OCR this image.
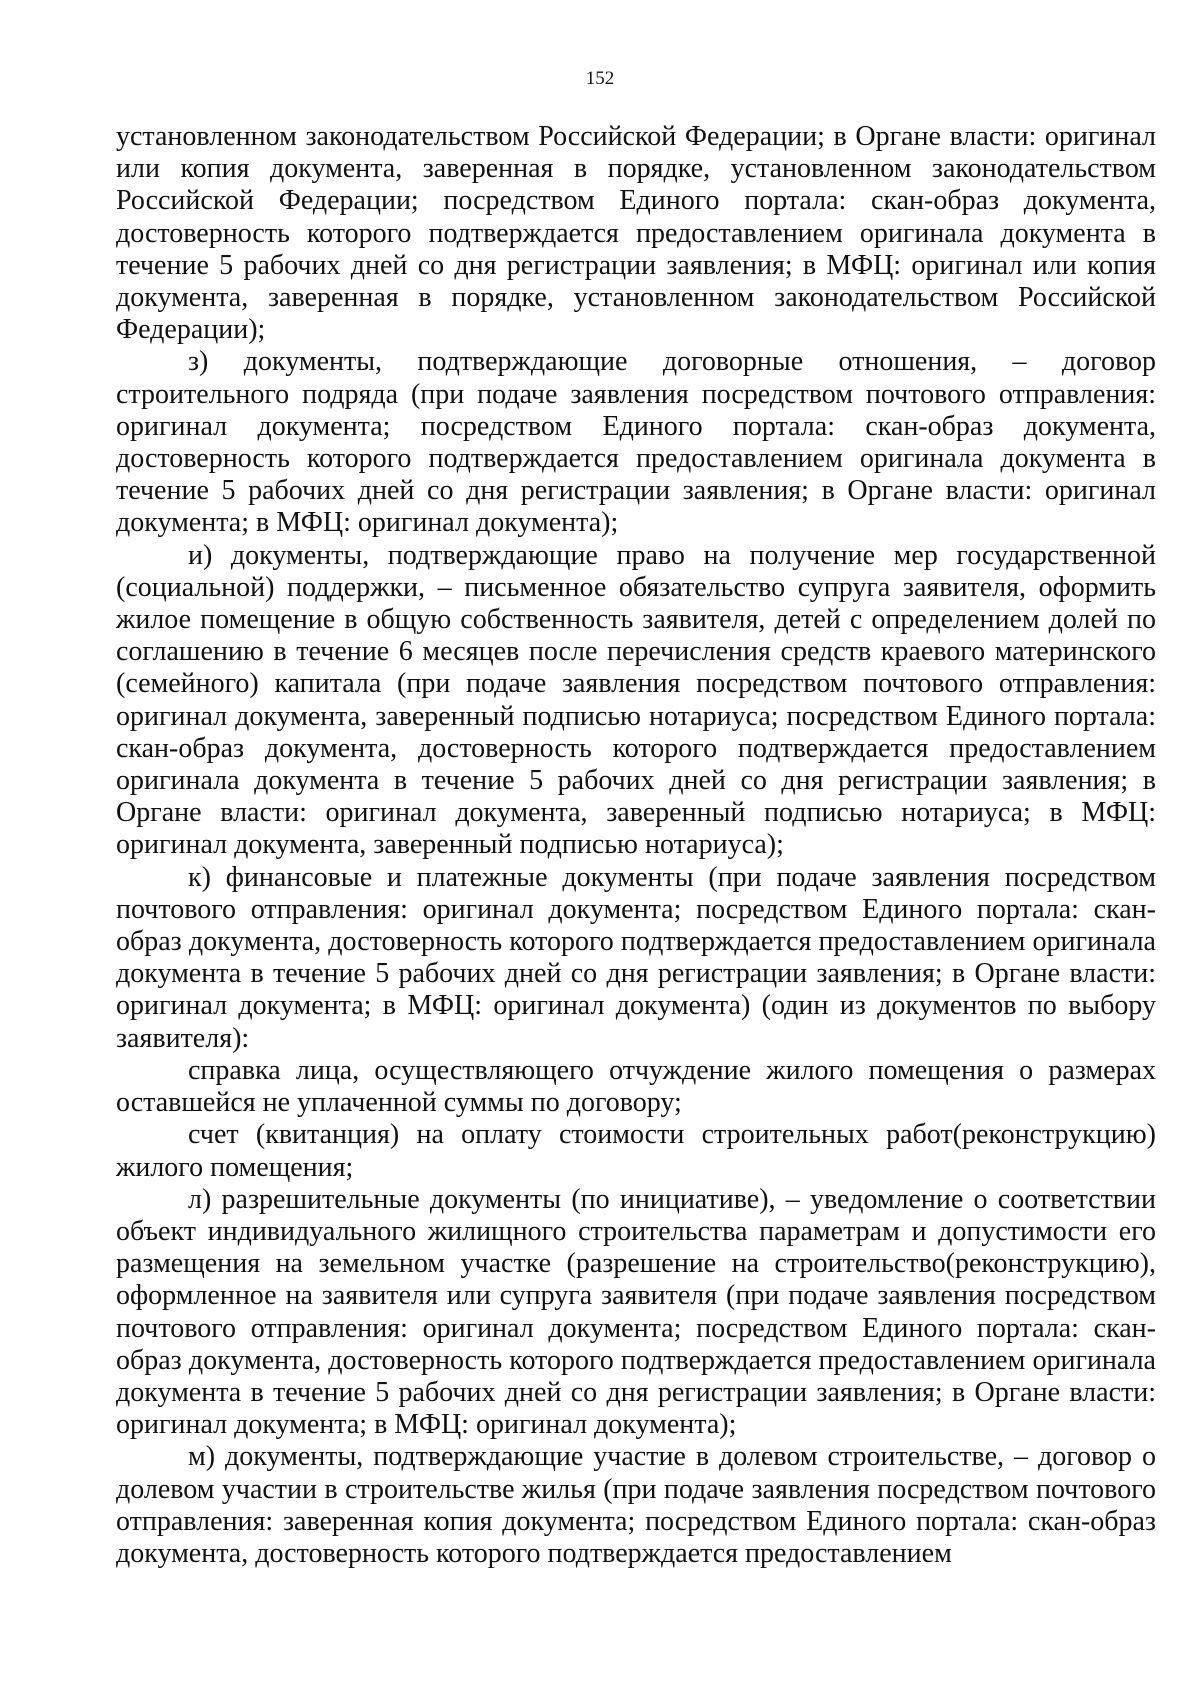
152

установленном законодательством Российской Федерации; в Органе власти: оригинал или копия документа, заверенная в порядке, установленном законодательством Российской Федерации; посредством Единого портала: скан-образ документа, достоверность которого подтверждается предоставлением оригинала документа в течение 5 рабочих дней со дня регистрации заявления; в МФЦ: оригинал или копия документа, заверенная в порядке, установленном законодательством Российской Федерации);

з) документы, подтверждающие договорные отношения, – договор строительного подряда (при подаче заявления посредством почтового отправления: оригинал документа; посредством Единого портала: скан-образ документа, достоверность которого подтверждается предоставлением оригинала документа в течение 5 рабочих дней со дня регистрации заявления; в Органе власти: оригинал документа; в МФЦ: оригинал документа);

и) документы, подтверждающие право на получение мер государственной (социальной) поддержки, – письменное обязательство супруга заявителя, оформить жилое помещение в общую собственность заявителя, детей с определением долей по соглашению в течение 6 месяцев после перечисления средств краевого материнского (семейного) капитала (при подаче заявления посредством почтового отправления: оригинал документа, заверенный подписью нотариуса; посредством Единого портала: скан-образ документа, достоверность которого подтверждается предоставлением оригинала документа в течение 5 рабочих дней со дня регистрации заявления; в Органе власти: оригинал документа, заверенный подписью нотариуса; в МФЦ: оригинал документа, заверенный подписью нотариуса);

к) финансовые и платежные документы (при подаче заявления посредством почтового отправления: оригинал документа; посредством Единого портала: скан-образ документа, достоверность которого подтверждается предоставлением оригинала документа в течение 5 рабочих дней со дня регистрации заявления; в Органе власти: оригинал документа; в МФЦ: оригинал документа) (один из документов по выбору заявителя):

справка лица, осуществляющего отчуждение жилого помещения о размерах оставшейся не уплаченной суммы по договору;

счет (квитанция) на оплату стоимости строительных работ(реконструкцию) жилого помещения;

л) разрешительные документы (по инициативе), – уведомление о соответствии объект индивидуального жилищного строительства параметрам и допустимости его размещения на земельном участке (разрешение на строительство(реконструкцию), оформленное на заявителя или супруга заявителя (при подаче заявления посредством почтового отправления: оригинал документа; посредством Единого портала: скан-образ документа, достоверность которого подтверждается предоставлением оригинала документа в течение 5 рабочих дней со дня регистрации заявления; в Органе власти: оригинал документа; в МФЦ: оригинал документа);

м) документы, подтверждающие участие в долевом строительстве, – договор о долевом участии в строительстве жилья (при подаче заявления посредством почтового отправления: заверенная копия документа; посредством Единого портала: скан-образ документа, достоверность которого подтверждается предоставлением
